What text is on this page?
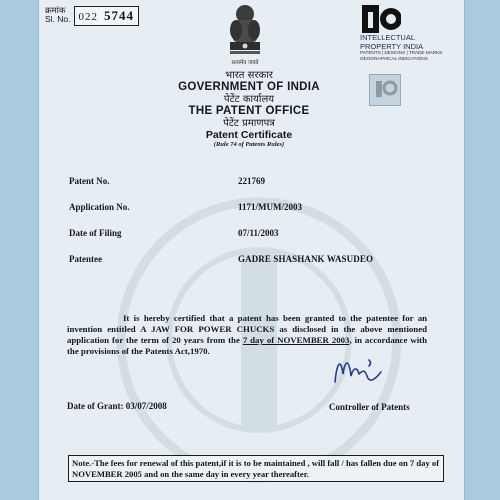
क्रमांक
Sl. No. 022 5744
सत्यमेव जयते
INTELLECTUAL
PROPERTY INDIA
PATENTS | DESIGNS | TRADE MARKS
GEOGRAPHICAL INDICATIONS
भारत सरकार
GOVERNMENT OF INDIA
पेटेंट कार्यालय
THE PATENT OFFICE
पेटेंट प्रमाणपत्र
Patent Certificate
(Rule 74 of Patents Rules)
Patent No.	221769
Application No.	1171/MUM/2003
Date of Filing	07/11/2003
Patentee	GADRE SHASHANK WASUDEO
It is hereby certified that a patent has been granted to the patentee for an invention entitled A JAW FOR POWER CHUCKS as disclosed in the above mentioned application for the term of 20 years from the 7 day of NOVEMBER 2003, in accordance with the provisions of the Patents Act,1970.
Date of Grant: 03/07/2008	Controller of Patents
Note.-The fees for renewal of this patent,if it is to be maintained , will fall / has fallen due on 7 day of NOVEMBER 2005 and on the same day in every year thereafter.
